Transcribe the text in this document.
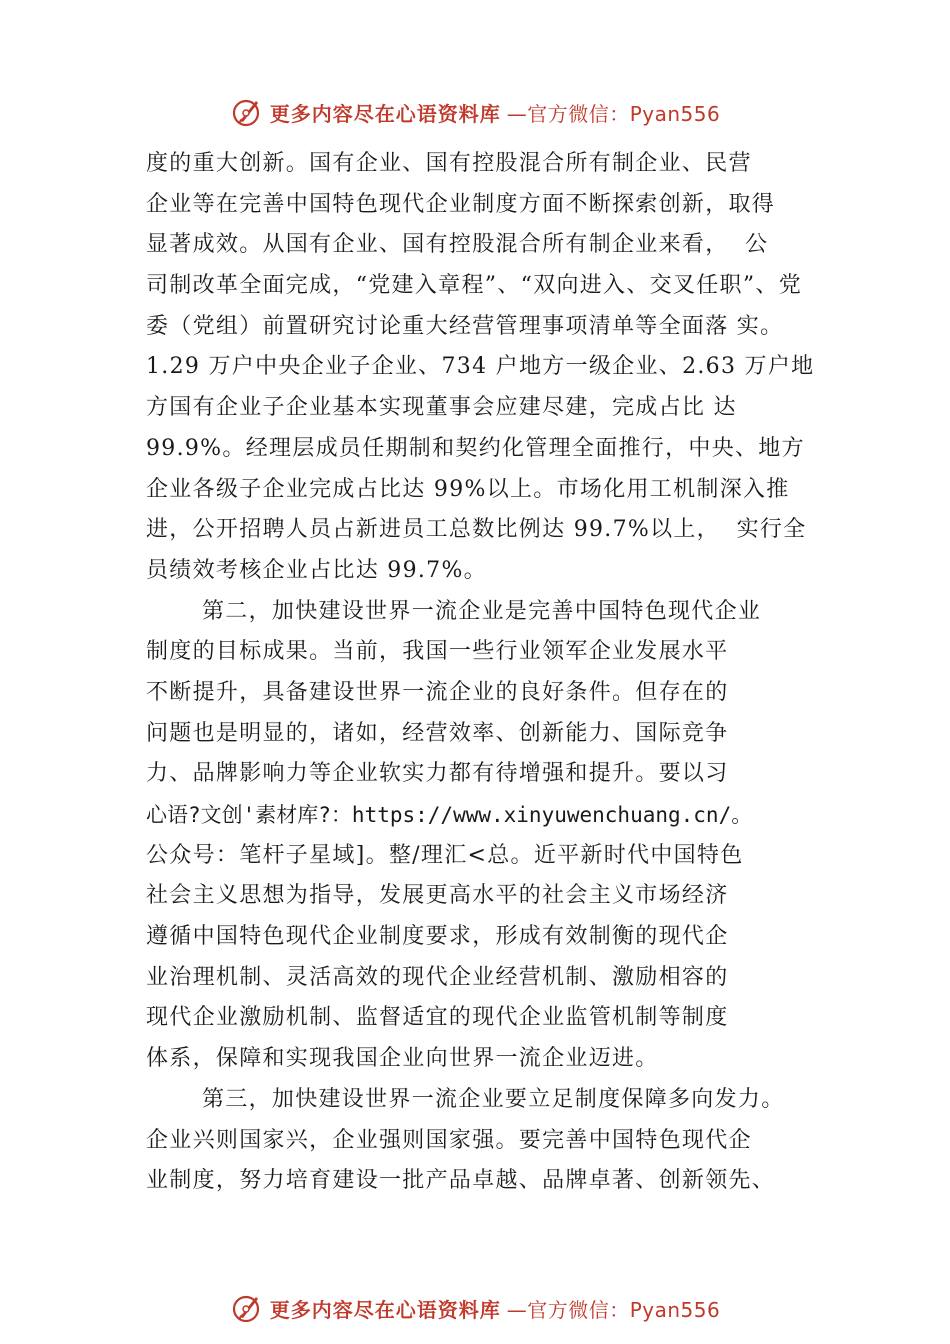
更多内容尽在心语资料库 —官方微信：Pyan556
度的重大创新。国有企业、国有控股混合所有制企业、民营
企业等在完善中国特色现代企业制度方面不断探索创新，取得
显著成效。从国有企业、国有控股混合所有制企业来看，  公
司制改革全面完成，“党建入章程”、“双向进入、交叉任职”、党
委（党组）前置研究讨论重大经营管理事项清单等全面落 实。
1.29 万户中央企业子企业、734 户地方一级企业、2.63 万户地
方国有企业子企业基本实现董事会应建尽建，完成占比 达
99.9%。经理层成员任期制和契约化管理全面推行，中央、地方
企业各级子企业完成占比达 99%以上。市场化用工机制深入推
进，公开招聘人员占新进员工总数比例达 99.7%以上，  实行全
员绩效考核企业占比达 99.7%。
第二，加快建设世界一流企业是完善中国特色现代企业
制度的目标成果。当前，我国一些行业领军企业发展水平
不断提升，具备建设世界一流企业的良好条件。但存在的
问题也是明显的，诸如，经营效率、创新能力、国际竞争
力、品牌影响力等企业软实力都有待增强和提升。要以习
心语?文创'素材库?：https://www.xinyuwenchuang.cn/。
公众号：笔杆子星域]。整/理汇<总。近平新时代中国特色
社会主义思想为指导，发展更高水平的社会主义市场经济
遵循中国特色现代企业制度要求，形成有效制衡的现代企
业治理机制、灵活高效的现代企业经营机制、激励相容的
现代企业激励机制、监督适宜的现代企业监管机制等制度
体系，保障和实现我国企业向世界一流企业迈进。
第三，加快建设世界一流企业要立足制度保障多向发力。
企业兴则国家兴，企业强则国家强。要完善中国特色现代企
业制度，努力培育建设一批产品卓越、品牌卓著、创新领先、
更多内容尽在心语资料库 —官方微信：Pyan556
